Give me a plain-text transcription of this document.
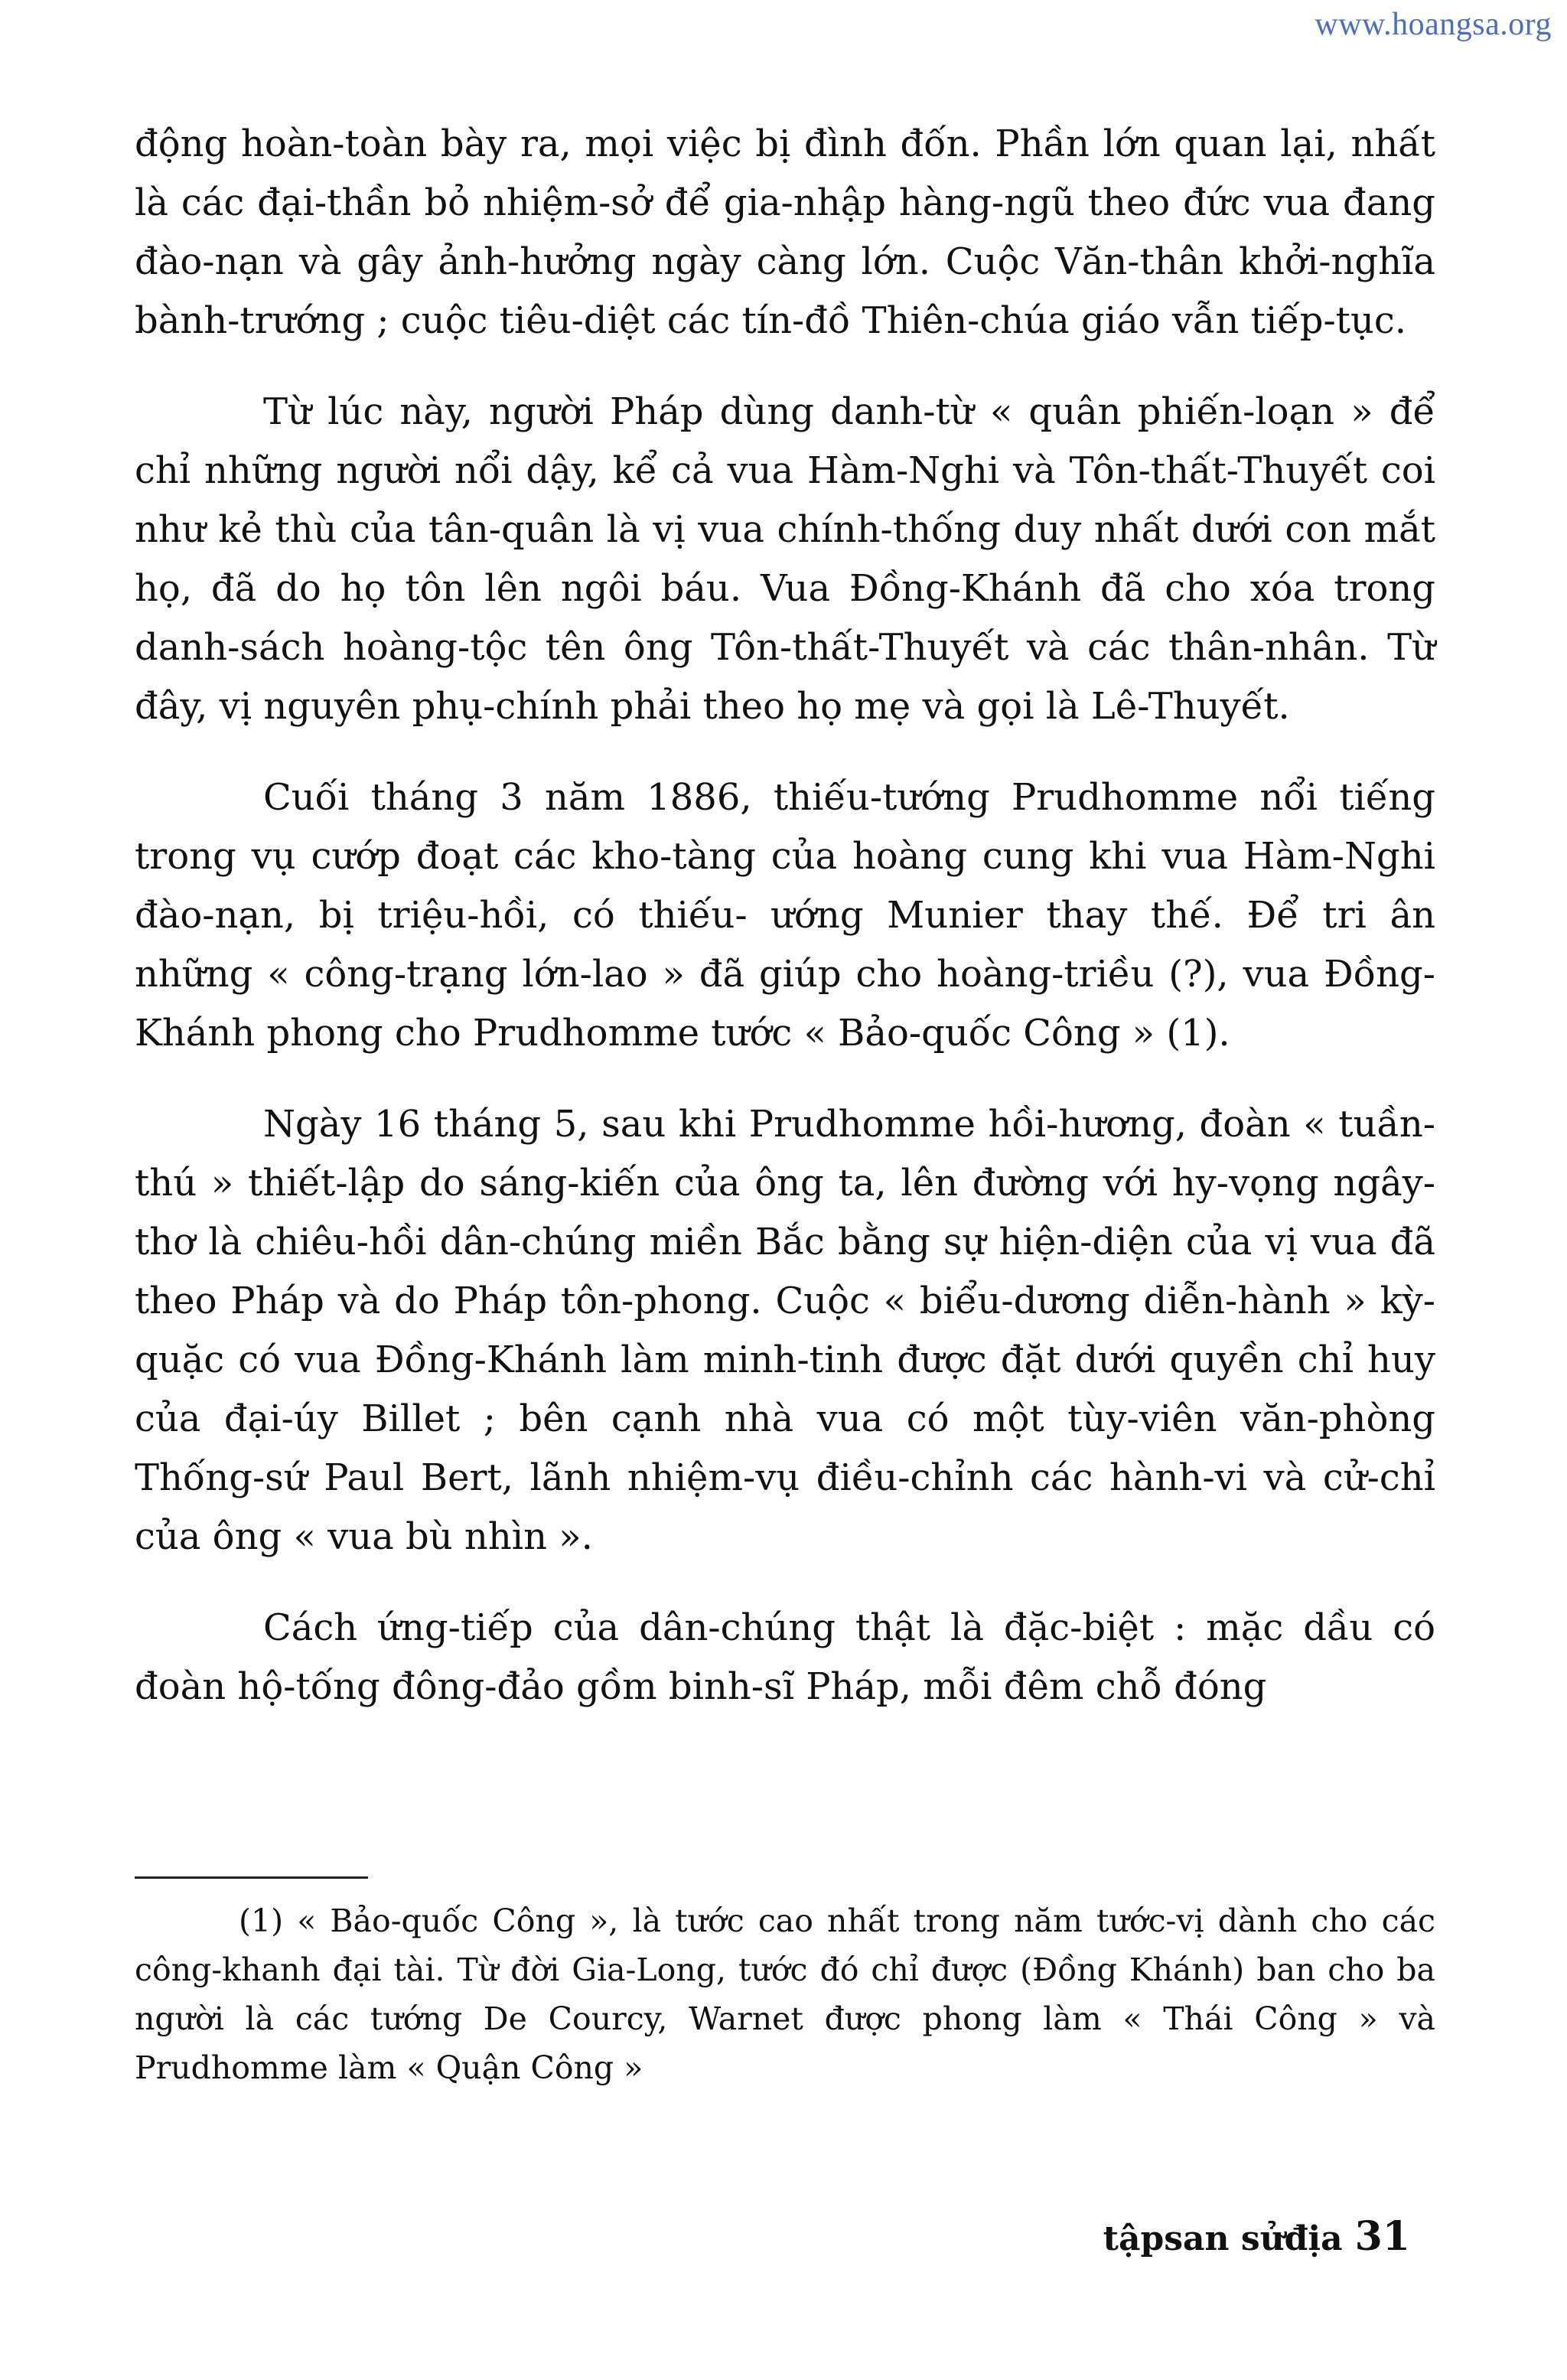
www.hoangsa.org

động hoàn-toàn bày ra, mọi việc bị đình đốn. Phần lớn quan lại, nhất là các đại-thần bỏ nhiệm-sở để gia-nhập hàng-ngũ theo đức vua đang đào-nạn và gây ảnh-hưởng ngày càng lớn. Cuộc Văn-thân khởi-nghĩa bành-trướng ; cuộc tiêu-diệt các tín-đồ Thiên-chúa giáo vẫn tiếp-tục.

Từ lúc này, người Pháp dùng danh-từ « quân phiến-loạn » để chỉ những người nổi dậy, kể cả vua Hàm-Nghi và Tôn-thất-Thuyết coi như kẻ thù của tân-quân là vị vua chính-thống duy nhất dưới con mắt họ, đã do họ tôn lên ngôi báu. Vua Đồng-Khánh đã cho xóa trong danh-sách hoàng-tộc tên ông Tôn-thất-Thuyết và các thân-nhân. Từ đây, vị nguyên phụ-chính phải theo họ mẹ và gọi là Lê-Thuyết.

Cuối tháng 3 năm 1886, thiếu-tướng Prudhomme nổi tiếng trong vụ cướp đoạt các kho-tàng của hoàng cung khi vua Hàm-Nghi đào-nạn, bị triệu-hồi, có thiếu- ướng Munier thay thế. Để tri ân những « công-trạng lớn-lao » đã giúp cho hoàng-triều (?), vua Đồng-Khánh phong cho Prudhomme tước « Bảo-quốc Công » (1).

Ngày 16 tháng 5, sau khi Prudhomme hồi-hương, đoàn « tuần-thú » thiết-lập do sáng-kiến của ông ta, lên đường với hy-vọng ngây-thơ là chiêu-hồi dân-chúng miền Bắc bằng sự hiện-diện của vị vua đã theo Pháp và do Pháp tôn-phong. Cuộc « biểu-dương diễn-hành » kỳ-quặc có vua Đồng-Khánh làm minh-tinh được đặt dưới quyền chỉ huy của đại-úy Billet ; bên cạnh nhà vua có một tùy-viên văn-phòng Thống-sứ Paul Bert, lãnh nhiệm-vụ điều-chỉnh các hành-vi và cử-chỉ của ông « vua bù nhìn ».

Cách ứng-tiếp của dân-chúng thật là đặc-biệt : mặc dầu có đoàn hộ-tống đông-đảo gồm binh-sĩ Pháp, mỗi đêm chỗ đóng

(1) « Bảo-quốc Công », là tước cao nhất trong năm tước-vị dành cho các công-khanh đại tài. Từ đời Gia-Long, tước đó chỉ được (Đồng Khánh) ban cho ba người là các tướng De Courcy, Warnet được phong làm « Thái Công » và Prudhomme làm « Quận Công »

tậpsan sửđịa 31
